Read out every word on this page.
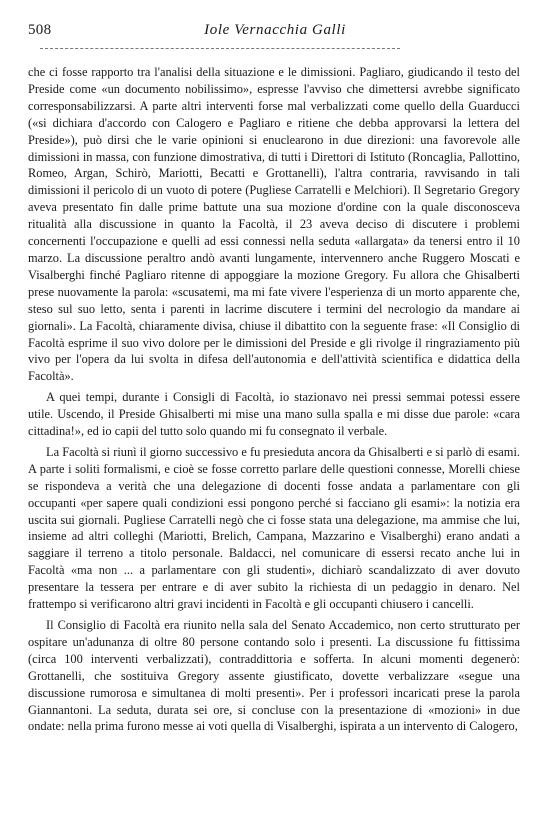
508	Iole Vernacchia Galli

che ci fosse rapporto tra l'analisi della situazione e le dimissioni. Pagliaro, giudicando il testo del Preside come «un documento nobilissimo», espresse l'avviso che dimettersi avrebbe significato corresponsabilizzarsi. A parte altri interventi forse mal verbalizzati come quello della Guarducci («si dichiara d'accordo con Calogero e Pagliaro e ritiene che debba approvarsi la lettera del Preside»), può dirsi che le varie opinioni si enuclearono in due direzioni: una favorevole alle dimissioni in massa, con funzione dimostrativa, di tutti i Direttori di Istituto (Roncaglia, Pallottino, Romeo, Argan, Schirò, Mariotti, Becatti e Grottanelli), l'altra contraria, ravvisando in tali dimissioni il pericolo di un vuoto di potere (Pugliese Carratelli e Melchiori). Il Segretario Gregory aveva presentato fin dalle prime battute una sua mozione d'ordine con la quale disconosceva ritualità alla discussione in quanto la Facoltà, il 23 aveva deciso di discutere i problemi concernenti l'occupazione e quelli ad essi connessi nella seduta «allargata» da tenersi entro il 10 marzo. La discussione peraltro andò avanti lungamente, intervennero anche Ruggero Moscati e Visalberghi finché Pagliaro ritenne di appoggiare la mozione Gregory. Fu allora che Ghisalberti prese nuovamente la parola: «scusatemi, ma mi fate vivere l'esperienza di un morto apparente che, steso sul suo letto, senta i parenti in lacrime discutere i termini del necrologio da mandare ai giornali». La Facoltà, chiaramente divisa, chiuse il dibattito con la seguente frase: «Il Consiglio di Facoltà esprime il suo vivo dolore per le dimissioni del Preside e gli rivolge il ringraziamento più vivo per l'opera da lui svolta in difesa dell'autonomia e dell'attività scientifica e didattica della Facoltà».

A quei tempi, durante i Consigli di Facoltà, io stazionavo nei pressi semmai potessi essere utile. Uscendo, il Preside Ghisalberti mi mise una mano sulla spalla e mi disse due parole: «cara cittadina!», ed io capii del tutto solo quando mi fu consegnato il verbale.

La Facoltà si riunì il giorno successivo e fu presieduta ancora da Ghisalberti e si parlò di esami. A parte i soliti formalismi, e cioè se fosse corretto parlare delle questioni connesse, Morelli chiese se rispondeva a verità che una delegazione di docenti fosse andata a parlamentare con gli occupanti «per sapere quali condizioni essi pongono perché si facciano gli esami»: la notizia era uscita sui giornali. Pugliese Carratelli negò che ci fosse stata una delegazione, ma ammise che lui, insieme ad altri colleghi (Mariotti, Brelich, Campana, Mazzarino e Visalberghi) erano andati a saggiare il terreno a titolo personale. Baldacci, nel comunicare di essersi recato anche lui in Facoltà «ma non ... a parlamentare con gli studenti», dichiarò scandalizzato di aver dovuto presentare la tessera per entrare e di aver subito la richiesta di un pedaggio in denaro. Nel frattempo si verificarono altri gravi incidenti in Facoltà e gli occupanti chiusero i cancelli.

Il Consiglio di Facoltà era riunito nella sala del Senato Accademico, non certo strutturato per ospitare un'adunanza di oltre 80 persone contando solo i presenti. La discussione fu fittissima (circa 100 interventi verbalizzati), contraddittoria e sofferta. In alcuni momenti degenerò: Grottanelli, che sostituiva Gregory assente giustificato, dovette verbalizzare «segue una discussione rumorosa e simultanea di molti presenti». Per i professori incaricati prese la parola Giannantoni. La seduta, durata sei ore, si concluse con la presentazione di «mozioni» in due ondate: nella prima furono messe ai voti quella di Visalberghi, ispirata a un intervento di Calogero,
